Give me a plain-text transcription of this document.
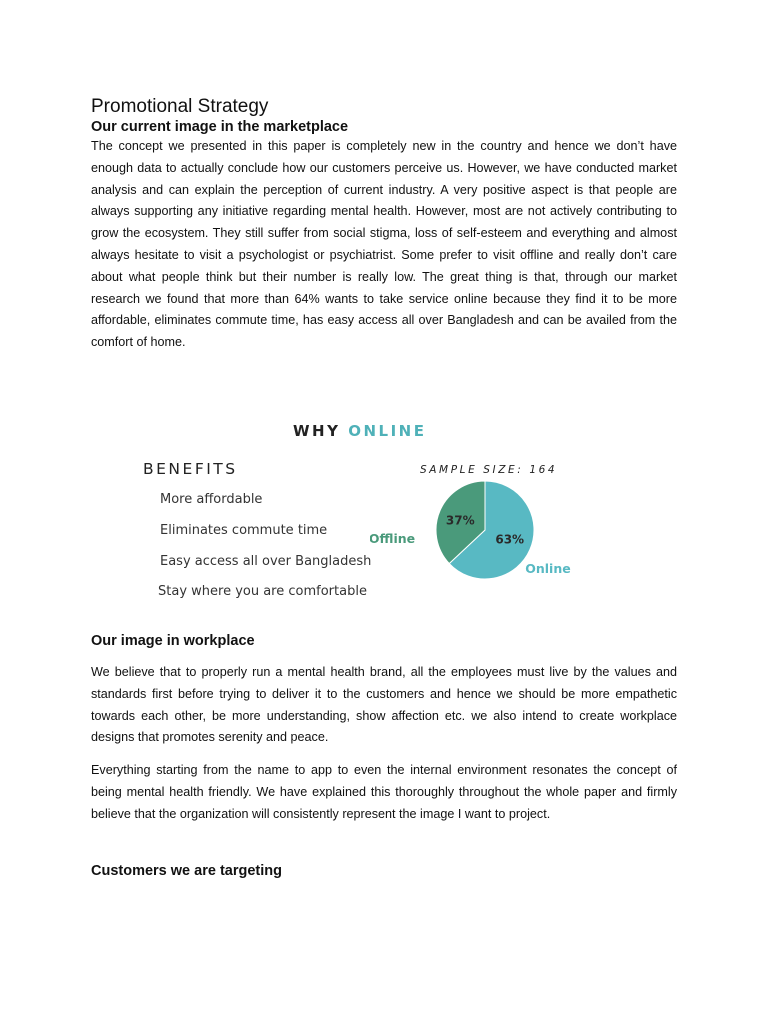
Promotional Strategy
Our current image in the marketplace

The concept we presented in this paper is completely new in the country and hence we don’t have enough data to actually conclude how our customers perceive us. However, we have conducted market analysis and can explain the perception of current industry. A very positive aspect is that people are always supporting any initiative regarding mental health. However, most are not actively contributing to grow the ecosystem. They still suffer from social stigma, loss of self-esteem and everything and almost always hesitate to visit a psychologist or psychiatrist. Some prefer to visit offline and really don’t care about what people think but their number is really low. The great thing is that, through our market research we found that more than 64% wants to take service online because they find it to be more affordable, eliminates commute time, has easy access all over Bangladesh and can be availed from the comfort of home.

Our image in workplace

We believe that to properly run a mental health brand, all the employees must live by the values and standards first before trying to deliver it to the customers and hence we should be more empathetic towards each other, be more understanding, show affection etc. we also intend to create workplace designs that promotes serenity and peace.

Everything starting from the name to app to even the internal environment resonates the concept of being mental health friendly. We have explained this thoroughly throughout the whole paper and firmly believe that the organization will consistently represent the image I want to project.

Customers we are targeting
WHY ONLINE
BENEFITS
More affordable
Eliminates commute time
Easy access all over Bangladesh
Stay where you are comfortable
SAMPLE SIZE: 164
63%
37%
Online
Offline
